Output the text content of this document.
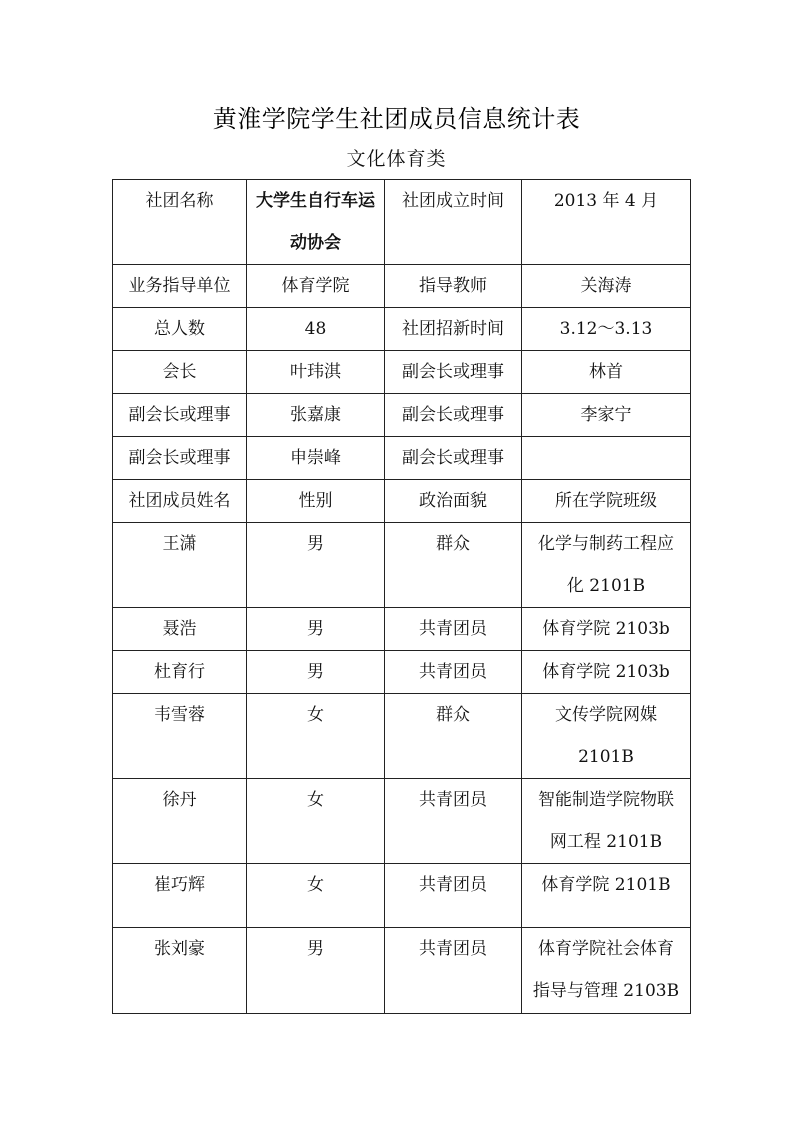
黄淮学院学生社团成员信息统计表
文化体育类
社团名称	大学生自行车运动协会	社团成立时间	2013 年 4 月
业务指导单位	体育学院	指导教师	关海涛
总人数	48	社团招新时间	3.12～3.13
会长	叶玮淇	副会长或理事	林首
副会长或理事	张嘉康	副会长或理事	李家宁
副会长或理事	申崇峰	副会长或理事	
社团成员姓名	性别	政治面貌	所在学院班级
王潇	男	群众	化学与制药工程应化 2101B
聂浩	男	共青团员	体育学院 2103b
杜育行	男	共青团员	体育学院 2103b
韦雪蓉	女	群众	文传学院网媒2101B
徐丹	女	共青团员	智能制造学院物联网工程 2101B
崔巧辉	女	共青团员	体育学院 2101B
张刘豪	男	共青团员	体育学院社会体育指导与管理 2103B
